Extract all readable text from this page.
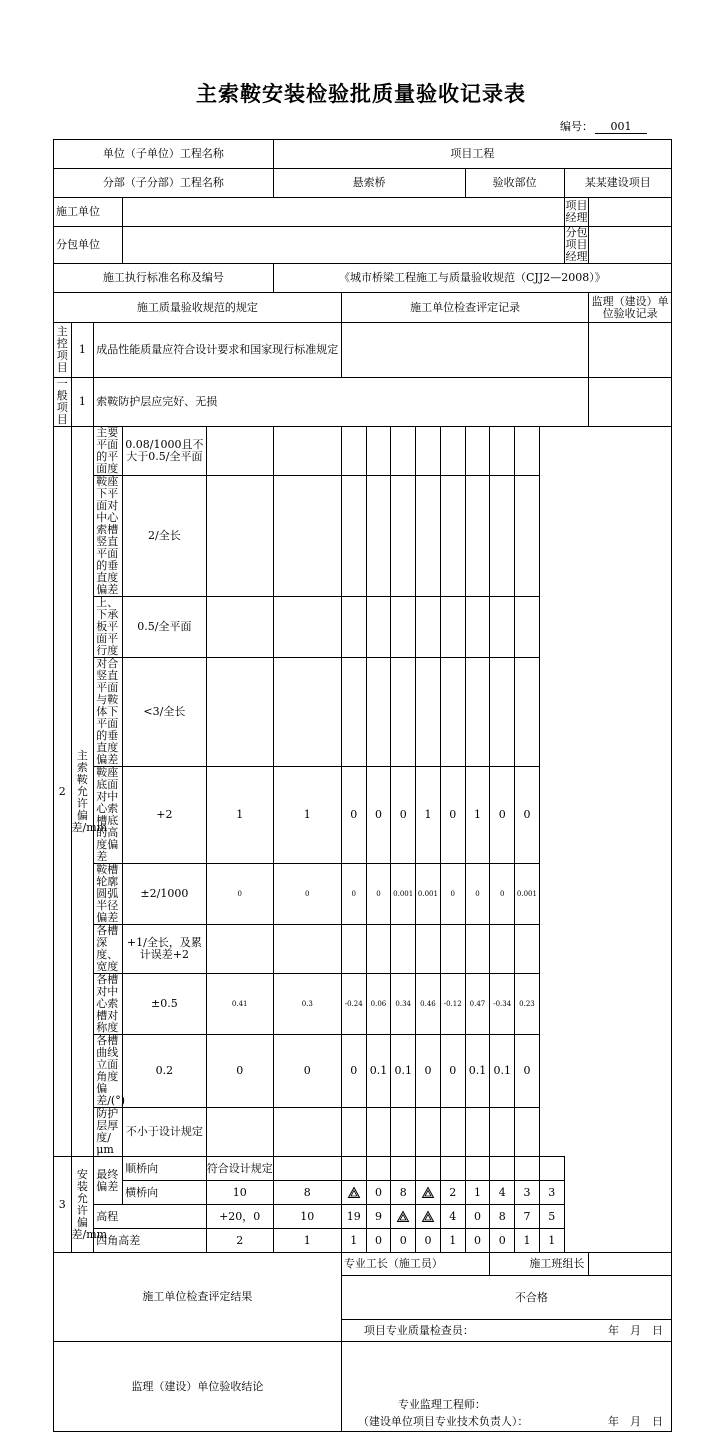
主索鞍安装检验批质量验收记录表
编号： 001
单位（子单位）工程名称					项目工程											
分部（子分部）工程名称					悬索桥						验收部位				某某建设项目	
施工单位															项目经理	
分包单位															分包项目经理	
施工执行标准名称及编号					《城市桥梁工程施工与质量验收规范（CJJ2—2008）》											
施工质量验收规范的规定						施工单位检查评定记录										监理（建设）单位验收记录
主控项目	1	成品性能质量应符合设计要求和国家现行标准规定														
一般项目	1	索鞍防护层应完好、无损														
2	主索鞍允许偏差/mm	主要平面的平面度	0.08/1000且不大于0.5/全平面													
		鞍座下平面对中心索槽竖直平面的垂直度偏差	2/全长													
		上、下承板平面平行度	0.5/全平面													
		对合竖直平面与鞍体下平面的垂直度偏差	<3/全长													
		鞍座底面对中心索槽底的高度偏差	+2	1	1	0	0	0	1	0	1	0	0			
		鞍槽轮廓圆弧半径偏差	±2/1000	0	0	0	0	0.001	0.001	0	0	0	0.001			
		各槽深度、宽度	+1/全长，及累计误差+2													
		各槽对中心索槽对称度	±0.5	0.41	0.3	-0.24	0.06	0.34	0.46	-0.12	0.47	-0.34	0.23			
		各槽曲线立面角度偏差/(°)	0.2	0	0	0	0.1	0.1	0	0	0.1	0.1	0			
		防护层厚度/μm	不小于设计规定													
3	安装允许偏差/mm	最终偏差	顺桥向	符合设计规定												
			横桥向	10	8		0	8		2	1	4	3	3		
		高程		+20，0	10	19	9			4	0	8	7	5		
		四角高差		2	1	1	0	0	0	1	0	0	1	1		
施工单位检查评定结果						专业工长（施工员）						施工班组长				
						不合格										
						项目专业质量检查员： 年　月　日										

监理（建设）单位验收结论																
						专业监理工程师：										
						（建设单位项目专业技术负责人）： 年　月　日										
